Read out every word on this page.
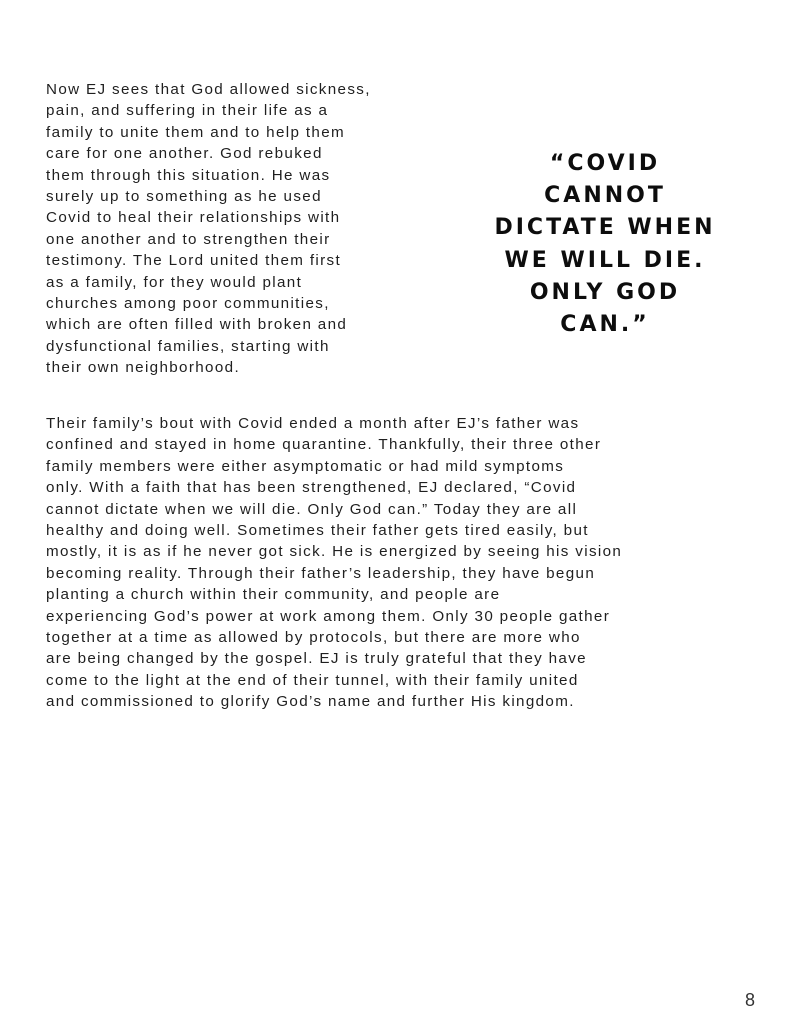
Now EJ sees that God allowed sickness,
pain, and suffering in their life as a
family to unite them and to help them
care for one another. God rebuked
them through this situation. He was
surely up to something as he used
Covid to heal their relationships with
one another and to strengthen their
testimony. The Lord united them first
as a family, for they would plant
churches among poor communities,
which are often filled with broken and
dysfunctional families, starting with
their own neighborhood.
“COVID
CANNOT
DICTATE WHEN
WE WILL DIE.
ONLY GOD
CAN.”
Their family’s bout with Covid ended a month after EJ’s father was
confined and stayed in home quarantine. Thankfully, their three other
family members were either asymptomatic or had mild symptoms
only. With a faith that has been strengthened, EJ declared, “Covid
cannot dictate when we will die. Only God can.” Today they are all
healthy and doing well. Sometimes their father gets tired easily, but
mostly, it is as if he never got sick. He is energized by seeing his vision
becoming reality. Through their father’s leadership, they have begun
planting a church within their community, and people are
experiencing God’s power at work among them. Only 30 people gather
together at a time as allowed by protocols, but there are more who
are being changed by the gospel. EJ is truly grateful that they have
come to the light at the end of their tunnel, with their family united
and commissioned to glorify God’s name and further His kingdom.
8
